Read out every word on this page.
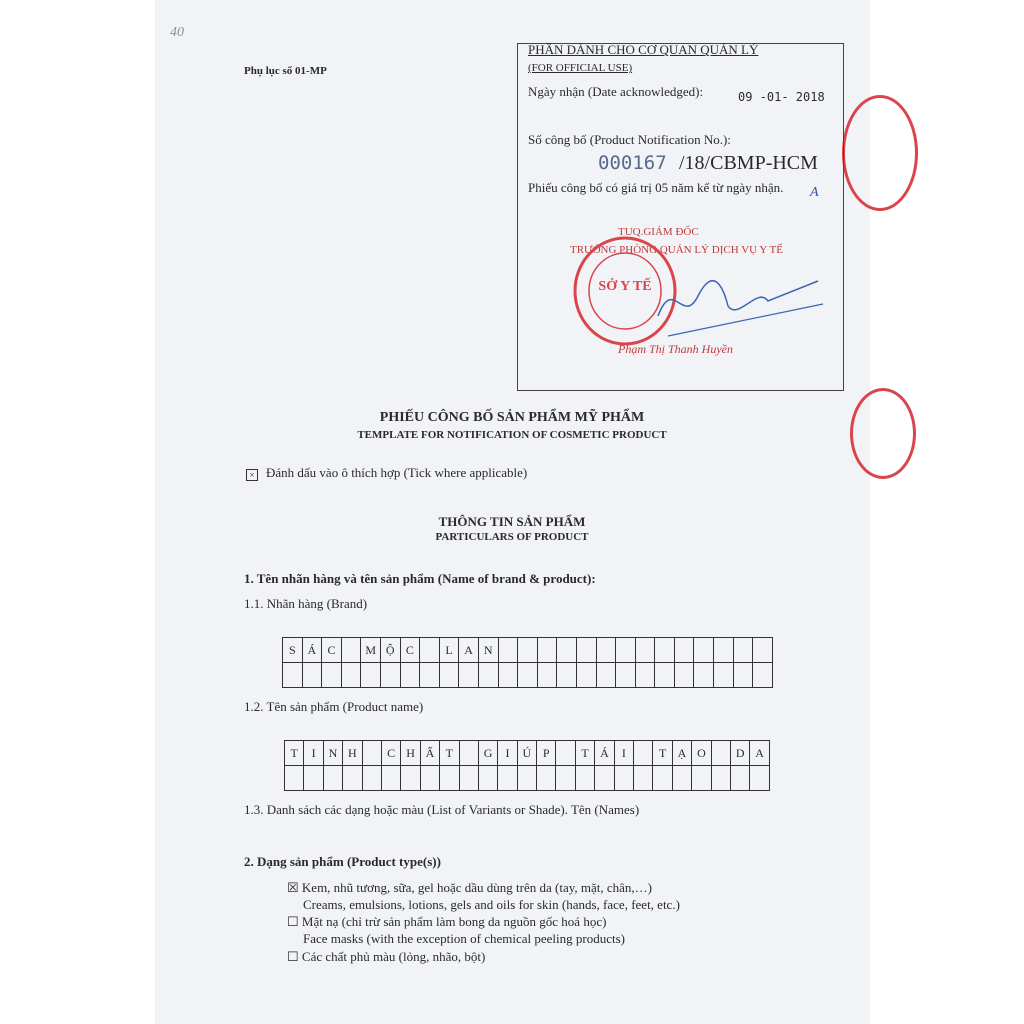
40
Phụ lục số 01-MP
PHẦN DÀNH CHO CƠ QUAN QUẢN LÝ
(FOR OFFICIAL USE)
Ngày nhận (Date acknowledged):	09 -01- 2018
Số công bố (Product Notification No.):
000167 /18/CBMP-HCM
Phiếu công bố có giá trị 05 năm kể từ ngày nhận. A
TUQ.GIÁM ĐỐC
TRƯỞNG PHÒNG QUẢN LÝ DỊCH VỤ Y TẾ
SỞ Y TẾ
Phạm Thị Thanh Huyền
PHIẾU CÔNG BỐ SẢN PHẨM MỸ PHẨM
TEMPLATE FOR NOTIFICATION OF COSMETIC PRODUCT
× Đánh dấu vào ô thích hợp (Tick where applicable)
THÔNG TIN SẢN PHẨM
PARTICULARS OF PRODUCT
1. Tên nhãn hàng và tên sản phẩm (Name of brand & product):
1.1. Nhãn hàng (Brand)
S Á C	M Ộ C	L A N
1.2. Tên sản phẩm (Product name)
T	I	N H	C H Ấ T	G	I	Ú P	T Á	I	T Ạ O	D A
1.3. Danh sách các dạng hoặc màu (List of Variants or Shade). Tên (Names)
2. Dạng sản phẩm (Product type(s))
☒ Kem, nhũ tương, sữa, gel hoặc dầu dùng trên da (tay, mặt, chân,…)
Creams, emulsions, lotions, gels and oils for skin (hands, face, feet, etc.)
☐ Mặt nạ (chỉ trừ sản phẩm làm bong da nguồn gốc hoá học)
Face masks (with the exception of chemical peeling products)
☐ Các chất phủ màu (lỏng, nhão, bột)
